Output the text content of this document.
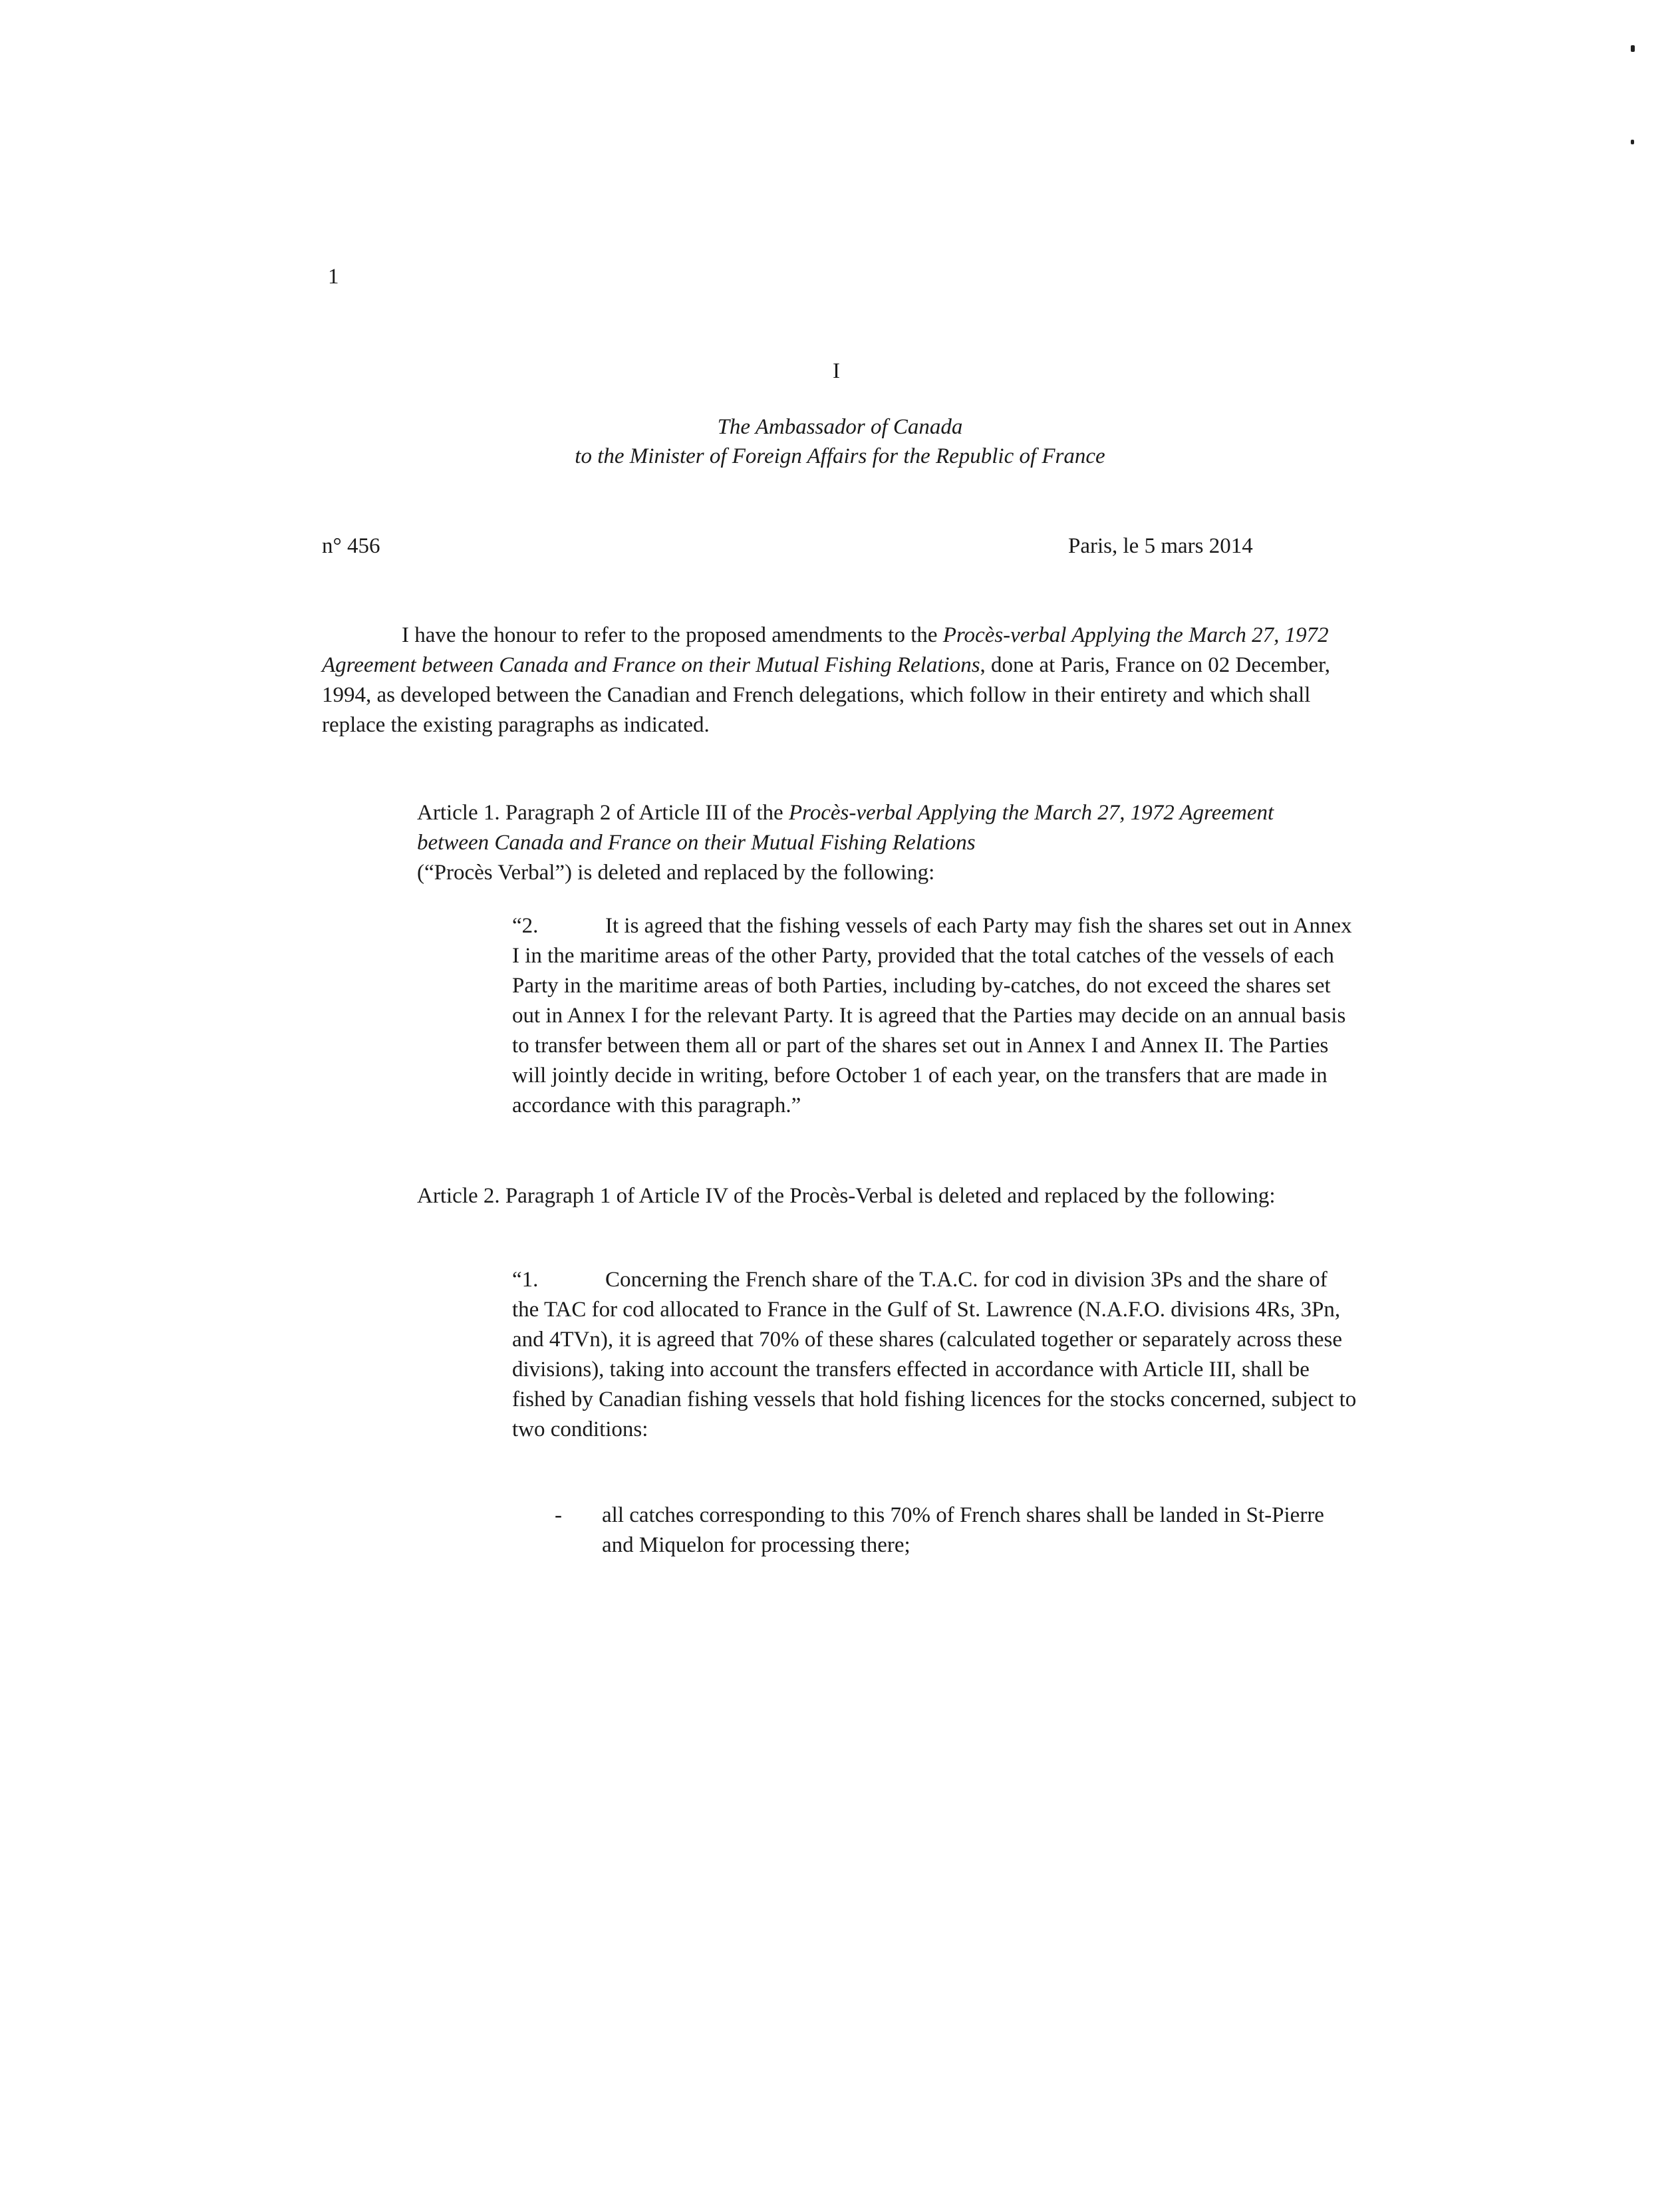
1
I
The Ambassador of Canada
to the Minister of Foreign Affairs for the Republic of France
n° 456	Paris, le 5 mars 2014

I have the honour to refer to the proposed amendments to the Procès-verbal Applying the March 27, 1972 Agreement between Canada and France on their Mutual Fishing Relations, done at Paris, France on 02 December, 1994, as developed between the Canadian and French delegations, which follow in their entirety and which shall replace the existing paragraphs as indicated.

Article 1. Paragraph 2 of Article III of the Procès-verbal Applying the March 27, 1972 Agreement between Canada and France on their Mutual Fishing Relations
(“Procès Verbal”) is deleted and replaced by the following:

“2.	It is agreed that the fishing vessels of each Party may fish the shares set out in Annex I in the maritime areas of the other Party, provided that the total catches of the vessels of each Party in the maritime areas of both Parties, including by-catches, do not exceed the shares set out in Annex I for the relevant Party. It is agreed that the Parties may decide on an annual basis to transfer between them all or part of the shares set out in Annex I and Annex II. The Parties will jointly decide in writing, before October 1 of each year, on the transfers that are made in accordance with this paragraph.”

Article 2. Paragraph 1 of Article IV of the Procès-Verbal is deleted and replaced by the following:

“1.	Concerning the French share of the T.A.C. for cod in division 3Ps and the share of the TAC for cod allocated to France in the Gulf of St. Lawrence (N.A.F.O. divisions 4Rs, 3Pn, and 4TVn), it is agreed that 70% of these shares (calculated together or separately across these divisions), taking into account the transfers effected in accordance with Article III, shall be fished by Canadian fishing vessels that hold fishing licences for the stocks concerned, subject to two conditions:

- all catches corresponding to this 70% of French shares shall be landed in St-Pierre and Miquelon for processing there;
